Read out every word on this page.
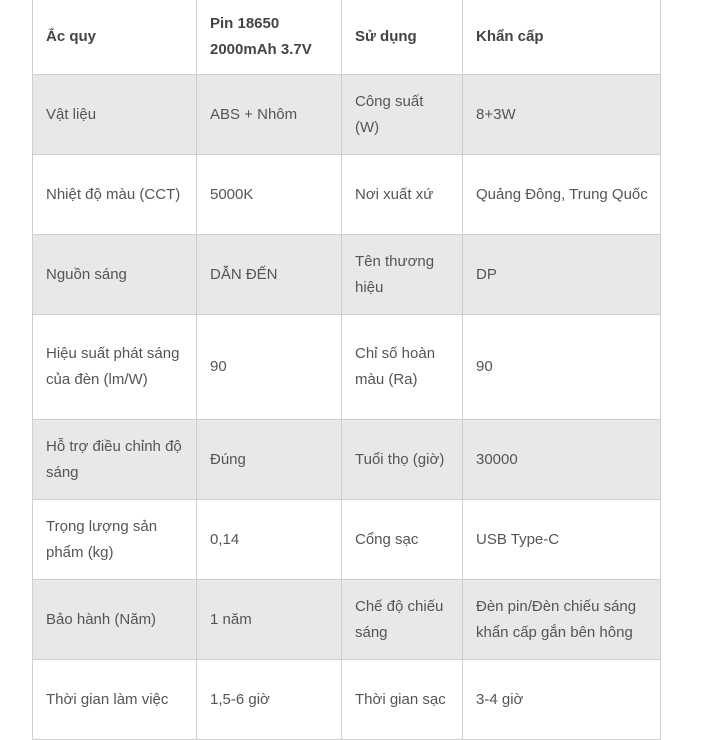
Ắc quy	Pin 18650 2000mAh 3.7V	Sử dụng	Khẩn cấp
Vật liệu	ABS + Nhôm	Công suất (W)	8+3W
Nhiệt độ màu (CCT)	5000K	Nơi xuất xứ	Quảng Đông, Trung Quốc
Nguồn sáng	DẪN ĐẾN	Tên thương hiệu	DP
Hiệu suất phát sáng của đèn (lm/W)	90	Chỉ số hoàn màu (Ra)	90
Hỗ trợ điều chỉnh độ sáng	Đúng	Tuổi thọ (giờ)	30000
Trọng lượng sản phẩm (kg)	0,14	Cổng sạc	USB Type-C
Bảo hành (Năm)	1 năm	Chế độ chiếu sáng	Đèn pin/Đèn chiếu sáng khẩn cấp gắn bên hông
Thời gian làm việc	1,5-6 giờ	Thời gian sạc	3-4 giờ
